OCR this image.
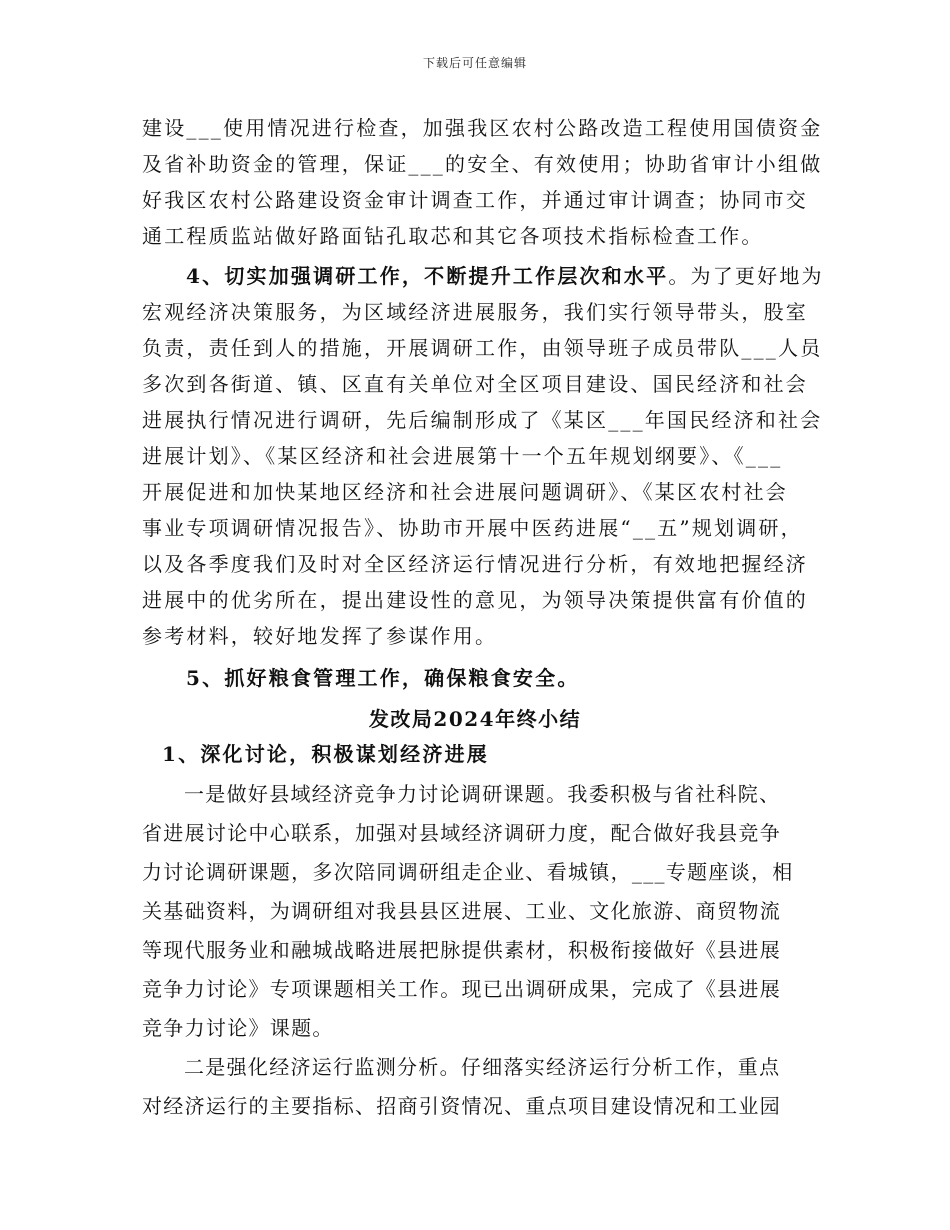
下载后可任意编辑
建设___使用情况进行检查，加强我区农村公路改造工程使用国债资金
及省补助资金的管理，保证___的安全、有效使用；协助省审计小组做
好我区农村公路建设资金审计调查工作，并通过审计调查；协同市交
通工程质监站做好路面钻孔取芯和其它各项技术指标检查工作。
4、切实加强调研工作，不断提升工作层次和水平。为了更好地为
宏观经济决策服务，为区域经济进展服务，我们实行领导带头，股室
负责，责任到人的措施，开展调研工作，由领导班子成员带队___人员
多次到各街道、镇、区直有关单位对全区项目建设、国民经济和社会
进展执行情况进行调研，先后编制形成了《某区___年国民经济和社会
进展计划》、《某区经济和社会进展第十一个五年规划纲要》、《___
开展促进和加快某地区经济和社会进展问题调研》、《某区农村社会
事业专项调研情况报告》、协助市开展中医药进展“__五”规划调研，
以及各季度我们及时对全区经济运行情况进行分析，有效地把握经济
进展中的优劣所在，提出建设性的意见，为领导决策提供富有价值的
参考材料，较好地发挥了参谋作用。
5、抓好粮食管理工作，确保粮食安全。
发改局2024年终小结
1、深化讨论，积极谋划经济进展
一是做好县域经济竞争力讨论调研课题。我委积极与省社科院、
省进展讨论中心联系，加强对县域经济调研力度，配合做好我县竞争
力讨论调研课题，多次陪同调研组走企业、看城镇，___专题座谈，相
关基础资料，为调研组对我县县区进展、工业、文化旅游、商贸物流
等现代服务业和融城战略进展把脉提供素材，积极衔接做好《县进展
竞争力讨论》专项课题相关工作。现已出调研成果，完成了《县进展
竞争力讨论》课题。
二是强化经济运行监测分析。仔细落实经济运行分析工作，重点
对经济运行的主要指标、招商引资情况、重点项目建设情况和工业园
